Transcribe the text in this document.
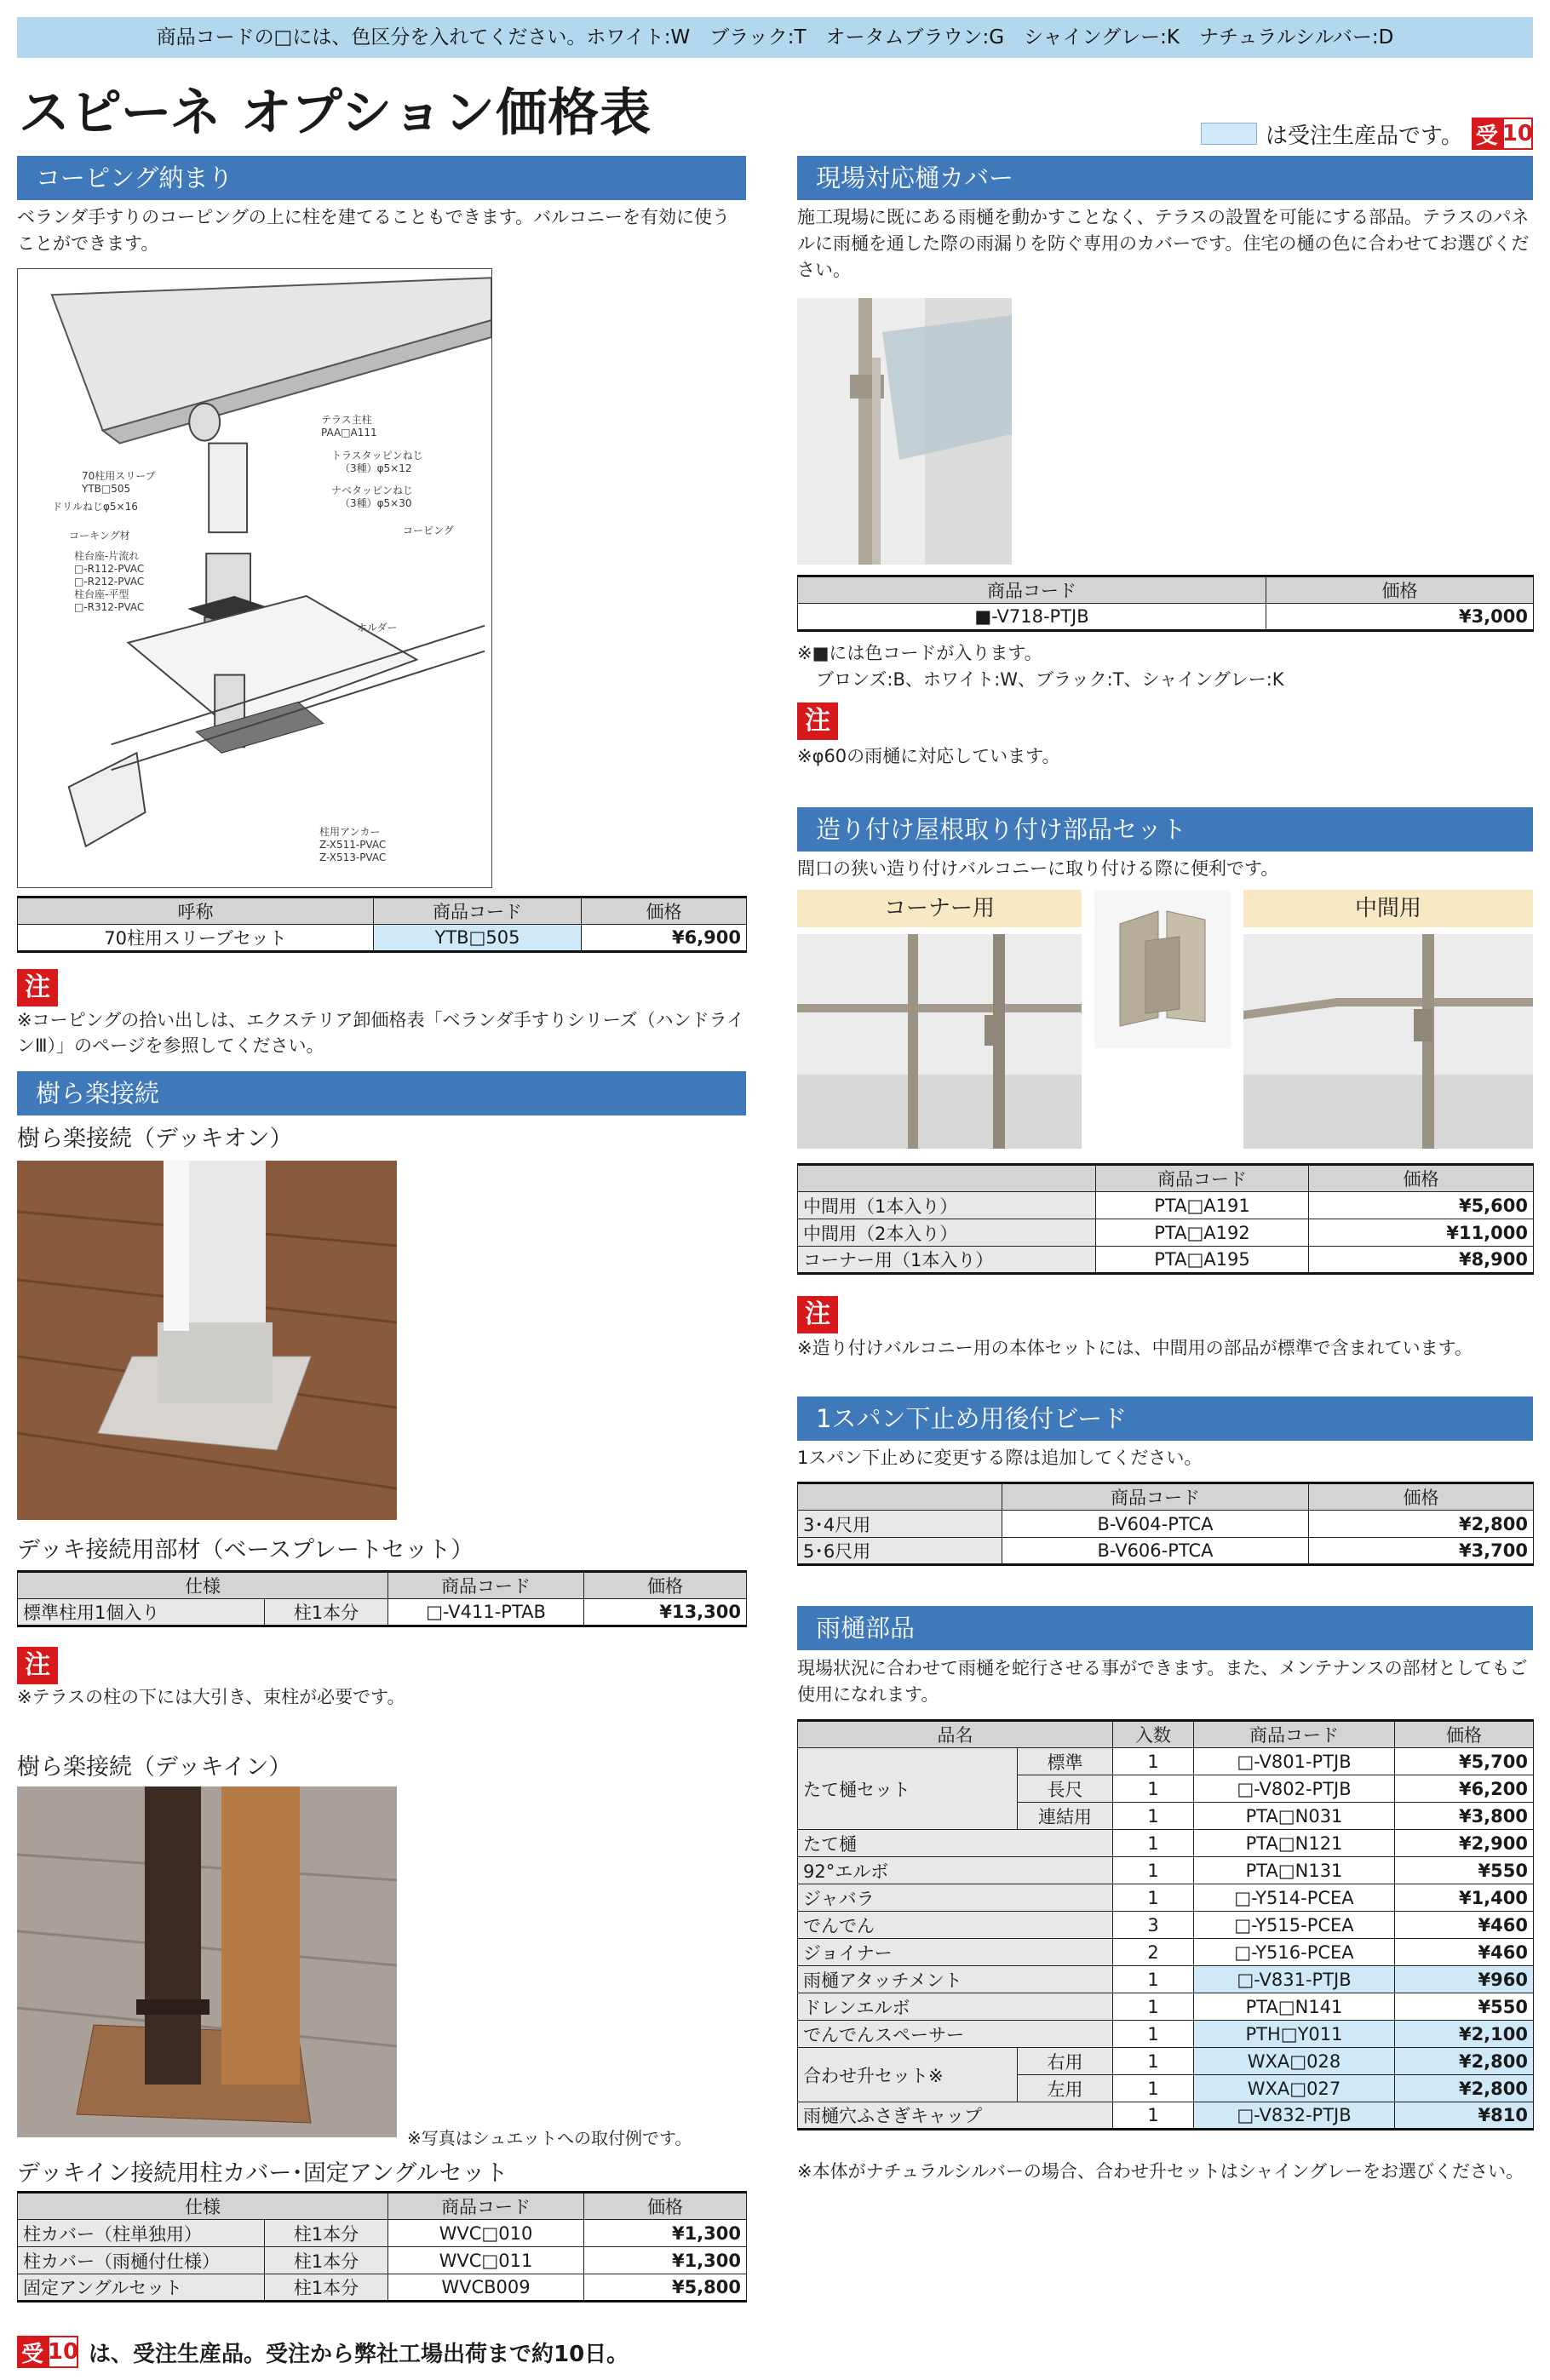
商品コードの□には、色区分を入れてください。ホワイト:W　ブラック:T　オータムブラウン:G　シャイングレー:K　ナチュラルシルバー:D
スピーネ オプション価格表	は受注生産品です。 受 10
コーピング納まり
ベランダ手すりのコーピングの上に柱を建てることもできます。バルコニーを有効に使うことができます。
テラス主柱
PAA□A111
トラスタッピンねじ
（3種）φ5×12
70柱用スリーブ
YTB□505	ナベタッピンねじ
（3種）φ5×30
ドリルねじφ5×16
コーキング材	コーピング
柱台座-片流れ
□-R112-PVAC
□-R212-PVAC
柱台座-平型
□-R312-PVAC
ホルダー
柱用アンカー
Z-X511-PVAC
Z-X513-PVAC
呼称	商品コード	価格
70柱用スリーブセット	YTB□505	¥6,900
注
※コーピングの拾い出しは、エクステリア卸価格表「ベランダ手すりシリーズ（ハンドラインⅢ）」のページを参照してください。
樹ら楽接続
樹ら楽接続（デッキオン）
デッキ接続用部材（ベースプレートセット）
仕様		商品コード	価格
標準柱用1個入り	柱1本分	□-V411-PTAB	¥13,300
注
※テラスの柱の下には大引き、束柱が必要です。
樹ら楽接続（デッキイン）
※写真はシュエットへの取付例です。
デッキイン接続用柱カバー･固定アングルセット
仕様		商品コード	価格
柱カバー（柱単独用）	柱1本分	WVC□010	¥1,300
柱カバー（雨樋付仕様）	柱1本分	WVC□011	¥1,300
固定アングルセット	柱1本分	WVCB009	¥5,800
現場対応樋カバー
施工現場に既にある雨樋を動かすことなく、テラスの設置を可能にする部品。テラスのパネルに雨樋を通した際の雨漏りを防ぐ専用のカバーです。住宅の樋の色に合わせてお選びください。
商品コード	価格
■-V718-PTJB	¥3,000
※■には色コードが入ります。
ブロンズ:B、ホワイト:W、ブラック:T、シャイングレー:K
注
※φ60の雨樋に対応しています。
造り付け屋根取り付け部品セット
間口の狭い造り付けバルコニーに取り付ける際に便利です。
コーナー用	中間用
	商品コード	価格
中間用（1本入り）	PTA□A191	¥5,600
中間用（2本入り）	PTA□A192	¥11,000
コーナー用（1本入り）	PTA□A195	¥8,900
注
※造り付けバルコニー用の本体セットには、中間用の部品が標準で含まれています。
1スパン下止め用後付ビード
1スパン下止めに変更する際は追加してください。
	商品コード	価格
3･4尺用	B-V604-PTCA	¥2,800
5･6尺用	B-V606-PTCA	¥3,700
雨樋部品
現場状況に合わせて雨樋を蛇行させる事ができます。また、メンテナンスの部材としてもご使用になれます。
品名		入数	商品コード	価格
たて樋セット	標準	1	□-V801-PTJB	¥5,700
	長尺	1	□-V802-PTJB	¥6,200
	連結用	1	PTA□N031	¥3,800
たて樋		1	PTA□N121	¥2,900
92°エルボ		1	PTA□N131	¥550
ジャバラ		1	□-Y514-PCEA	¥1,400
でんでん		3	□-Y515-PCEA	¥460
ジョイナー		2	□-Y516-PCEA	¥460
雨樋アタッチメント		1	□-V831-PTJB	¥960
ドレンエルボ		1	PTA□N141	¥550
でんでんスペーサー		1	PTH□Y011	¥2,100
合わせ升セット※	右用	1	WXA□028	¥2,800
	左用	1	WXA□027	¥2,800
雨樋穴ふさぎキャップ		1	□-V832-PTJB	¥810
※本体がナチュラルシルバーの場合、合わせ升セットはシャイングレーをお選びください。
受 10 は、受注生産品。受注から弊社工場出荷まで約10日。
